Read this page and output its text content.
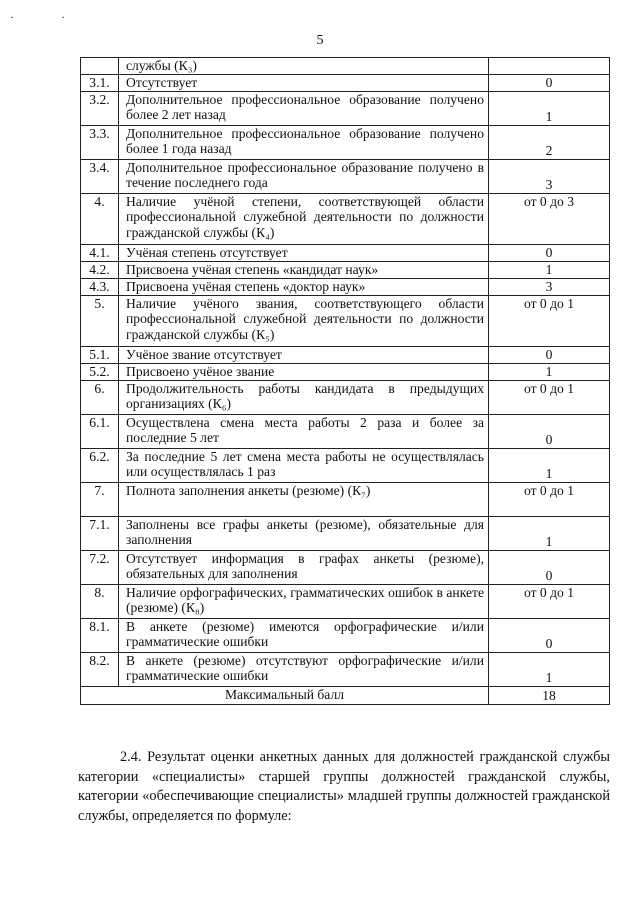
· ·
5
	службы (К₃)	
3.1.	Отсутствует	0
3.2.	Дополнительное профессиональное образование получено более 2 лет назад	1
3.3.	Дополнительное профессиональное образование получено более 1 года назад	2
3.4.	Дополнительное профессиональное образование получено в течение последнего года	3
4.	Наличие учёной степени, соответствующей области профессиональной служебной деятельности по должности гражданской службы (К₄)	от 0 до 3
4.1.	Учёная степень отсутствует	0
4.2.	Присвоена учёная степень «кандидат наук»	1
4.3.	Присвоена учёная степень «доктор наук»	3
5.	Наличие учёного звания, соответствующего области профессиональной служебной деятельности по должности гражданской службы (К₅)	от 0 до 1
5.1.	Учёное звание отсутствует	0
5.2.	Присвоено учёное звание	1
6.	Продолжительность работы кандидата в предыдущих организациях (К₆)	от 0 до 1
6.1.	Осуществлена смена места работы 2 раза и более за последние 5 лет	0
6.2.	За последние 5 лет смена места работы не осуществлялась или осуществлялась 1 раз	1
7.	Полнота заполнения анкеты (резюме) (К₇)	от 0 до 1
7.1.	Заполнены все графы анкеты (резюме), обязательные для заполнения	1
7.2.	Отсутствует информация в графах анкеты (резюме), обязательных для заполнения	0
8.	Наличие орфографических, грамматических ошибок в анкете (резюме) (К₈)	от 0 до 1
8.1.	В анкете (резюме) имеются орфографические и/или грамматические ошибки	0
8.2.	В анкете (резюме) отсутствуют орфографические и/или грамматические ошибки	1
Максимальный балл		18
2.4. Результат оценки анкетных данных для должностей гражданской службы категории «специалисты» старшей группы должностей гражданской службы, категории «обеспечивающие специалисты» младшей группы должностей гражданской службы, определяется по формуле:
